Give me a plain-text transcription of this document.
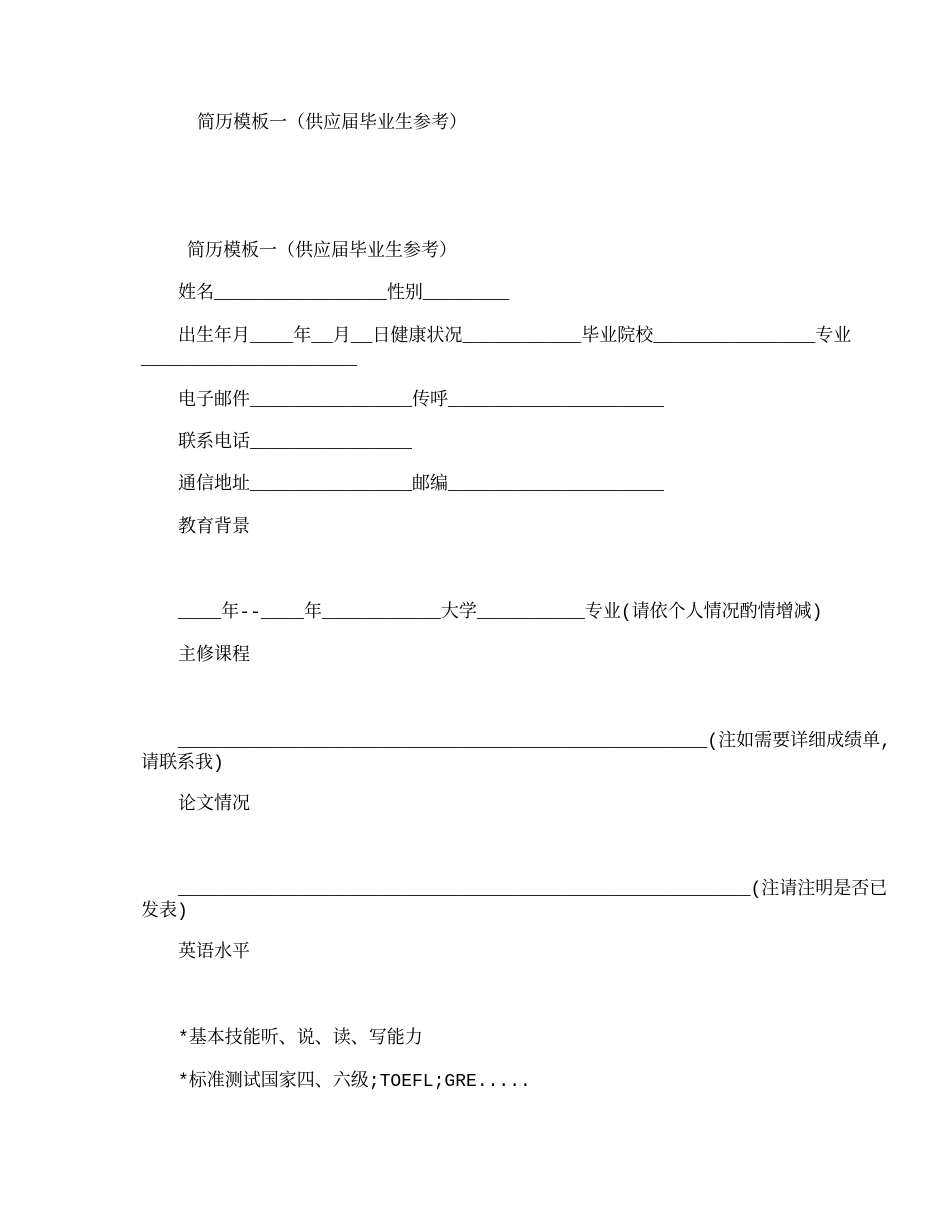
简历模板一（供应届毕业生参考）

简历模板一（供应届毕业生参考）

姓名________________性别________

出生年月____年__月__日健康状况___________毕业院校_______________专业

____________________

电子邮件_______________传呼____________________

联系电话_______________

通信地址_______________邮编____________________

教育背景

____年--____年___________大学__________专业(请依个人情况酌情增减)

主修课程

_________________________________________________(注如需要详细成绩单,

请联系我)

论文情况

_____________________________________________________(注请注明是否已

发表)

英语水平

*基本技能听、说、读、写能力

*标准测试国家四、六级;TOEFL;GRE.....
